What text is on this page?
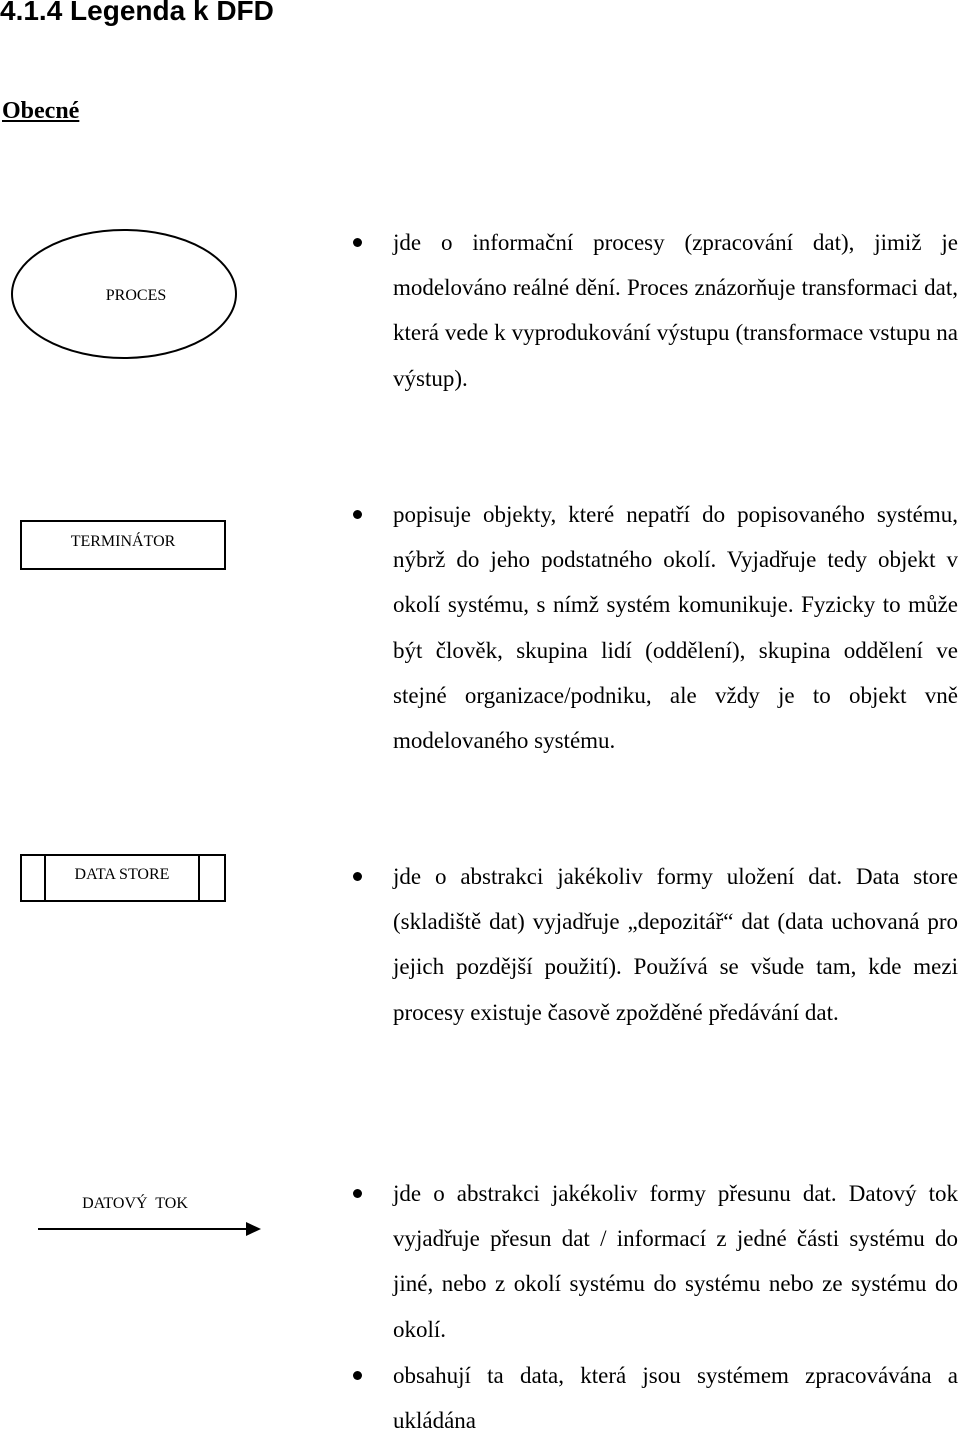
4.1.4 Legenda k DFD
Obecné
PROCES
jde o informační procesy (zpracování dat), jimiž je modelováno reálné dění. Proces znázorňuje transformaci dat, která vede k vyprodukování výstupu (transformace vstupu na výstup).
TERMINÁTOR
popisuje objekty, které nepatří do popisovaného systému, nýbrž do jeho podstatného okolí. Vyjadřuje tedy objekt v okolí systému, s nímž systém komunikuje. Fyzicky to může být člověk, skupina lidí (oddělení), skupina oddělení ve stejné organizace/podniku, ale vždy je to objekt vně modelovaného systému.
DATA STORE	jde o abstrakci jakékoliv formy uložení dat. Data store (skladiště dat) vyjadřuje „depozitář“ dat (data uchovaná pro jejich pozdější použití). Používá se všude tam, kde mezi procesy existuje časově zpožděné předávání dat.
DATOVÝ  TOK	jde o abstrakci jakékoliv formy přesunu dat. Datový tok vyjadřuje přesun dat / informací z jedné části systému do jiné, nebo z okolí systému do systému nebo ze systému do okolí.
obsahují ta data, která jsou systémem zpracovávána a ukládána
